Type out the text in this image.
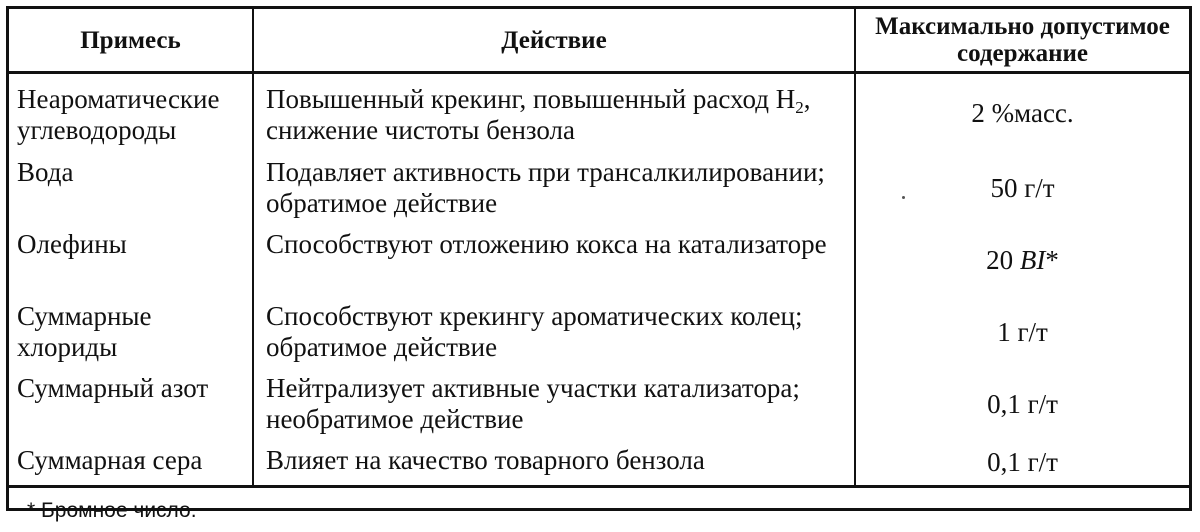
Примесь	Действие	Максимально допустимое содержание
Неароматические углеводороды	Повышенный крекинг, повышенный расход $H_2$, снижение чистоты бензола	2 %масс.
Вода	Подавляет активность при трансалкилировании; обратимое действие	50 г/т
Олефины	Способствуют отложению кокса на катализаторе	20 BI*
Суммарные хлориды	Способствуют крекингу ароматических колец; обратимое действие	1 г/т
Суммарный азот	Нейтрализует активные участки катализатора; необратимое действие	0,1 г/т
Суммарная сера	Влияет на качество товарного бензола	0,1 г/т
* Бромное число.		
